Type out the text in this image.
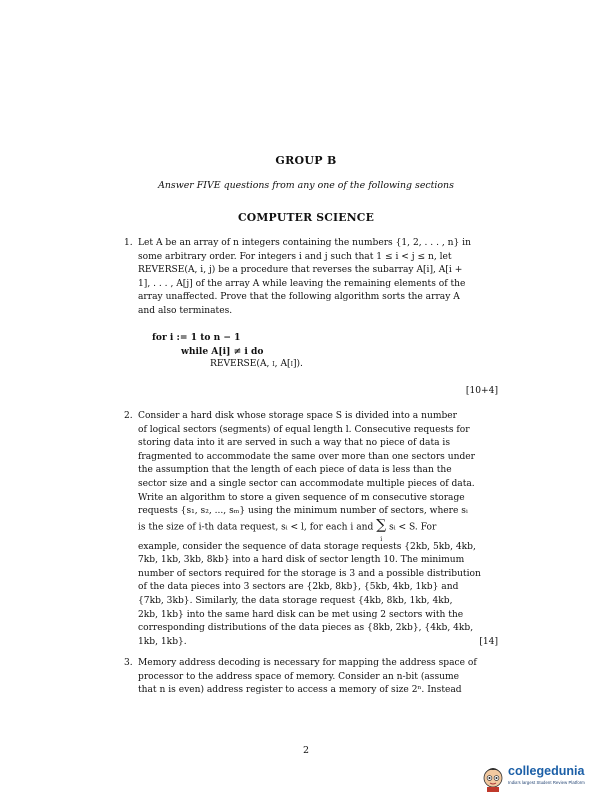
GROUP B
Answer FIVE questions from any one of the following sections
COMPUTER SCIENCE
1. Let A be an array of n integers containing the numbers {1, 2, . . . , n} in
some arbitrary order. For integers i and j such that 1 ≤ i < j ≤ n, let
REVERSE(A, i, j) be a procedure that reverses the subarray A[i], A[i +
1], . . . , A[j] of the array A while leaving the remaining elements of the
array unaffected. Prove that the following algorithm sorts the array A
and also terminates.
for i := 1 to n − 1
while A[i] ≠ i do
REVERSE(A, i, A[i]).
[10+4]
2. Consider a hard disk whose storage space S is divided into a number
of logical sectors (segments) of equal length l. Consecutive requests for
storing data into it are served in such a way that no piece of data is
fragmented to accommodate the same over more than one sectors under
the assumption that the length of each piece of data is less than the
sector size and a single sector can accommodate multiple pieces of data.
Write an algorithm to store a given sequence of m consecutive storage
requests {s₁, s₂, ..., sₘ} using the minimum number of sectors, where sᵢ
is the size of i-th data request, sᵢ < l, for each i and ∑
i
sᵢ < S. For
example, consider the sequence of data storage requests {2kb, 5kb, 4kb,
7kb, 1kb, 3kb, 8kb} into a hard disk of sector length 10. The minimum
number of sectors required for the storage is 3 and a possible distribution
of the data pieces into 3 sectors are {2kb, 8kb}, {5kb, 4kb, 1kb} and
{7kb, 3kb}. Similarly, the data storage request {4kb, 8kb, 1kb, 4kb,
2kb, 1kb} into the same hard disk can be met using 2 sectors with the
corresponding distributions of the data pieces as {8kb, 2kb}, {4kb, 4kb,
1kb, 1kb}.	[14]
3. Memory address decoding is necessary for mapping the address space of
processor to the address space of memory. Consider an n-bit (assume
that n is even) address register to access a memory of size 2ⁿ. Instead
2
collegedunia
India's largest Student Review Platform
